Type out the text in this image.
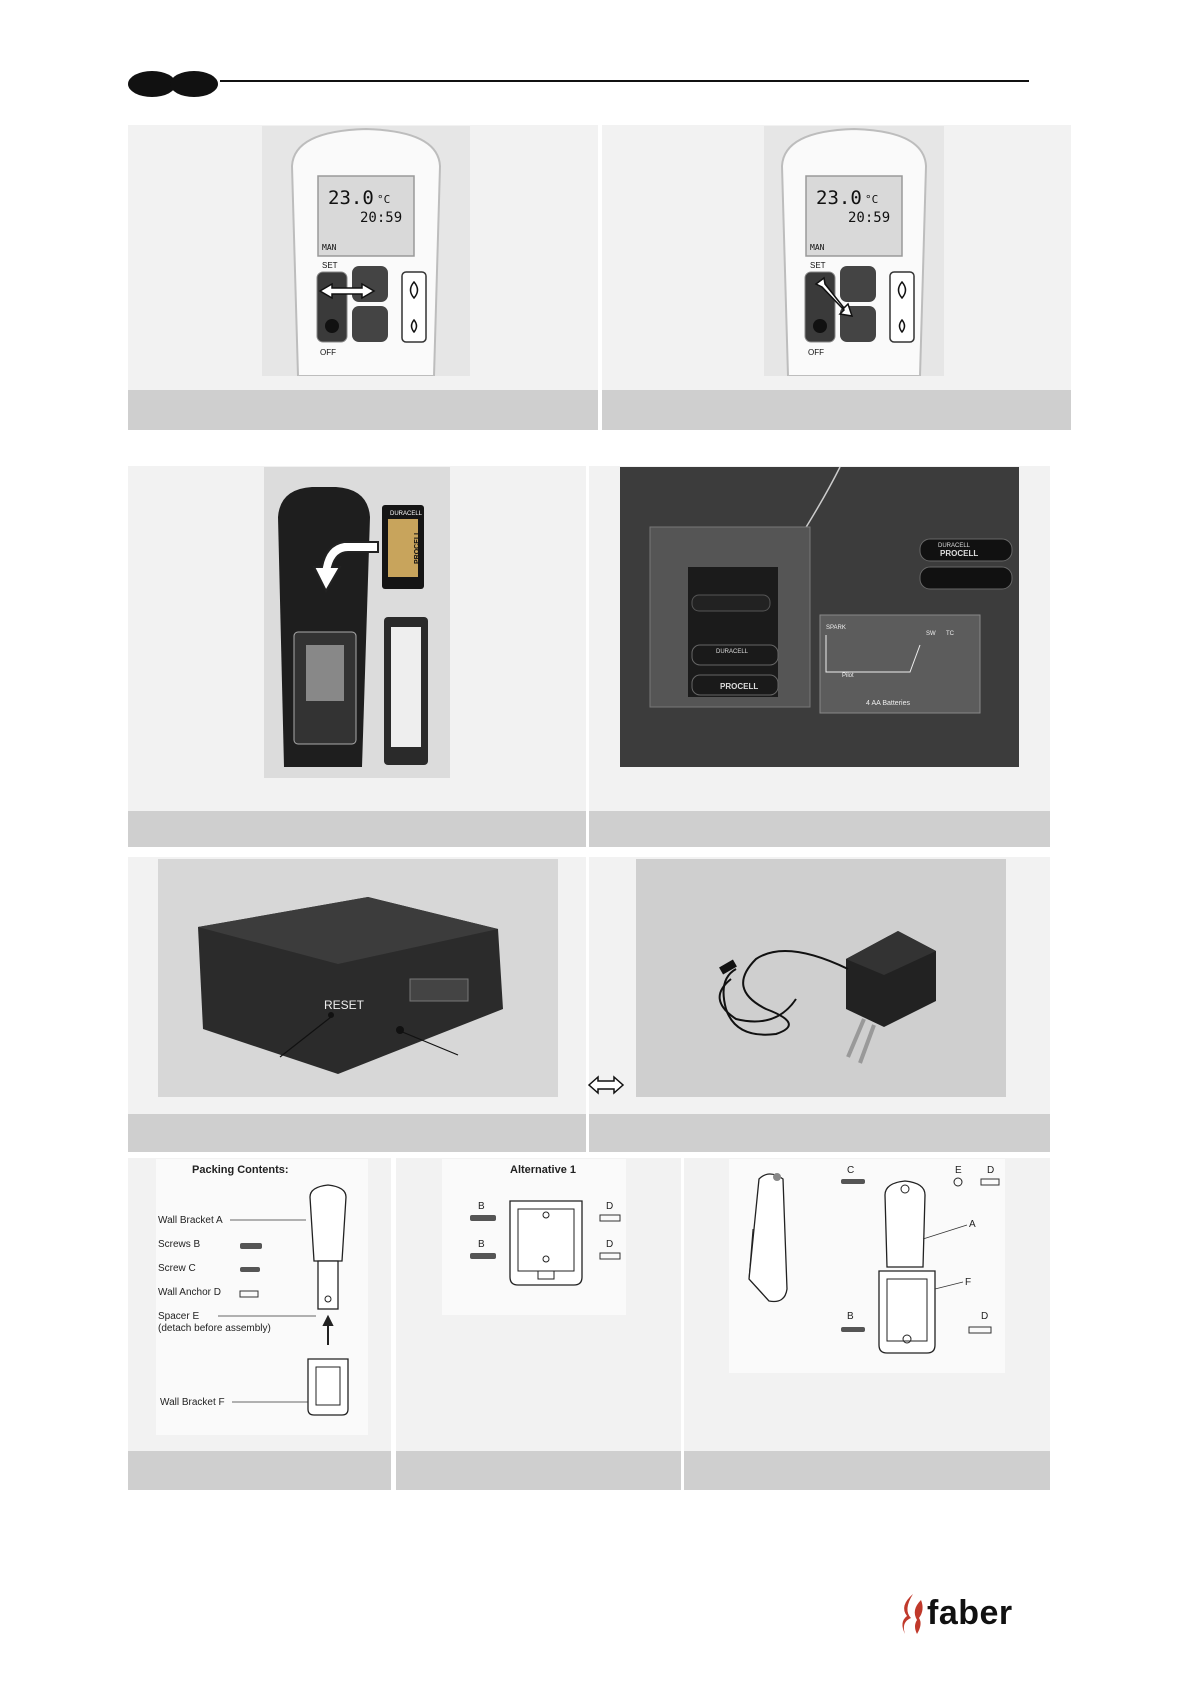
23.0 °C
20:59
MAN
SET
OFF
23.0 °C
20:59
MAN
SET
OFF
DURACELL
PROCELL
DURACELL
PROCELL
DURACELL
PROCELL
SPARK
Pilot
SW TC
4 AA Batteries
RESET
Packing Contents:
Wall Bracket A
Screws B
Screw C
Wall Anchor D
Spacer E
(detach before assembly)
Wall Bracket F
Alternative 1
B
B
D
D
C	E	D
A
F
B	D
faber
